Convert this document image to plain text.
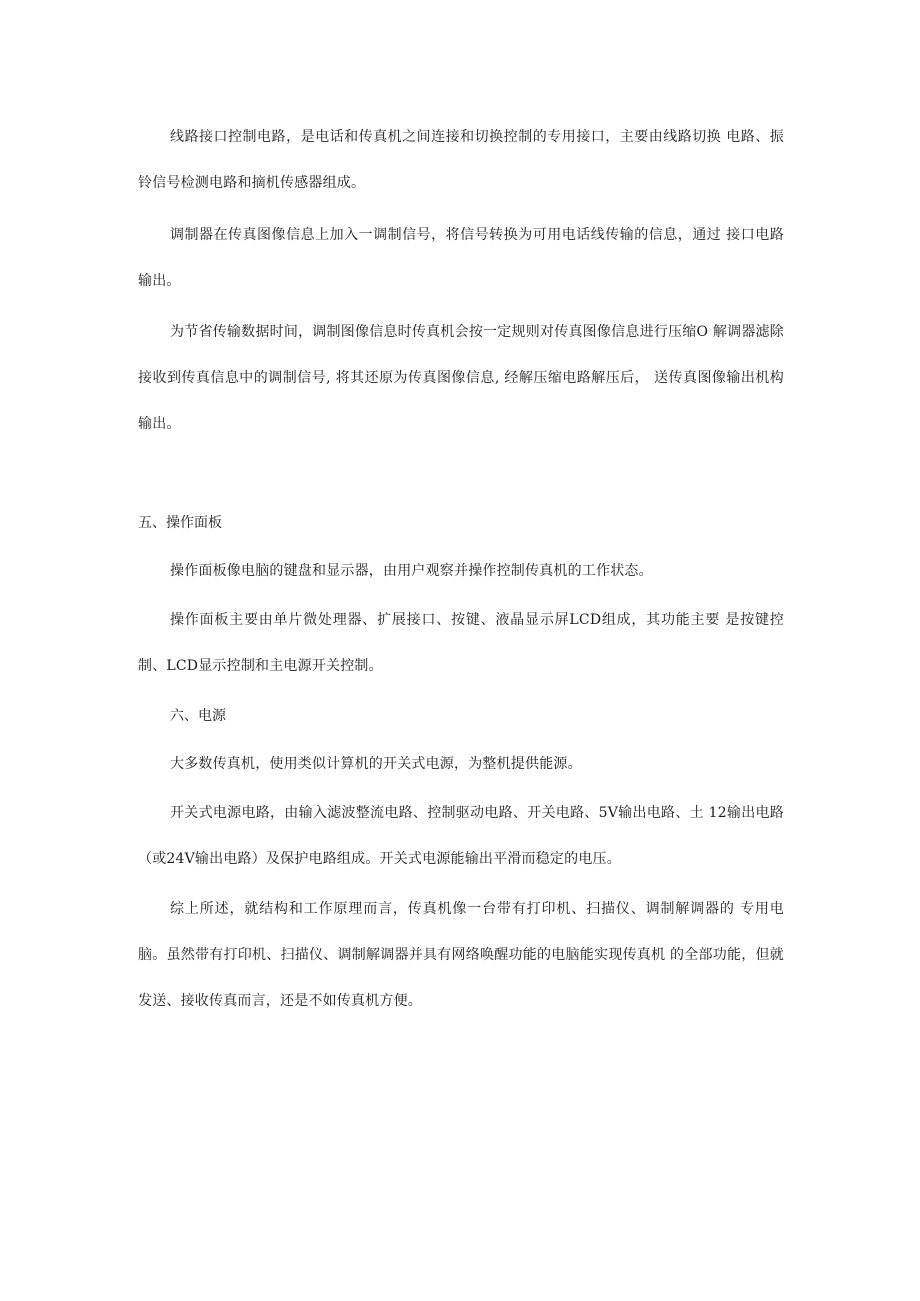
线路接口控制电路，是电话和传真机之间连接和切换控制的专用接口，主要由线路切换 电路、振铃信号检测电路和摘机传感器组成。

调制器在传真图像信息上加入一调制信号，将信号转换为可用电话线传输的信息，通过 接口电路输出。

为节省传输数据时间，调制图像信息时传真机会按一定规则对传真图像信息进行压缩O 解调器滤除接收到传真信息中的调制信号, 将其还原为传真图像信息, 经解压缩电路解压后， 送传真图像输出机构输出。

五、操作面板

操作面板像电脑的键盘和显示器，由用户观察并操作控制传真机的工作状态。

操作面板主要由单片微处理器、扩展接口、按键、液晶显示屏LCD组成，其功能主要 是按键控制、LCD显示控制和主电源开关控制。

六、电源

大多数传真机，使用类似计算机的开关式电源，为整机提供能源。

开关式电源电路，由输入滤波整流电路、控制驱动电路、开关电路、5V输出电路、土 12输出电路（或24V输出电路）及保护电路组成。开关式电源能输出平滑而稳定的电压。

综上所述，就结构和工作原理而言，传真机像一台带有打印机、扫描仪、调制解调器的 专用电脑。虽然带有打印机、扫描仪、调制解调器并具有网络唤醒功能的电脑能实现传真机 的全部功能，但就发送、接收传真而言，还是不如传真机方便。
